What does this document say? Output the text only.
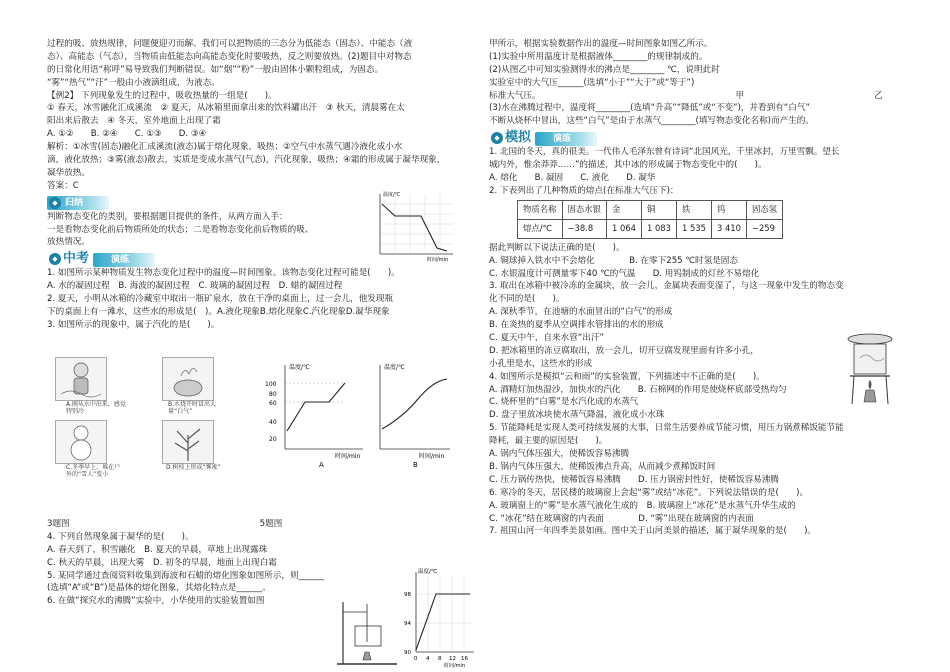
过程的吸、放热规律，问题便迎刃而解。我们可以把物质的三态分为低能态（固态）、中能态（液

态）、高能态（气态），当物质由低能态向高能态变化时要吸热，反之则要放热。(2)题目中对物态

的日常化用语“称呼”易导致我们判断错误。如“烟”“粉”一般由固体小颗粒组成，为固态。

“雾”“热气”“汗”一般由小液滴组成，为液态。

【例2】 下列现象发生的过程中，吸收热量的一组是(　　)。

① 春天，冰雪融化汇成溪流　② 夏天，从冰箱里面拿出来的饮料罐出汗　③ 秋天，清晨雾在太

阳出来后散去　④ 冬天，室外地面上出现了霜

A. ①②　　B. ②④　　C. ①③　　D. ③④

解析：①冰雪(固态)融化汇成溪流(液态)属于熔化现象，吸热；②空气中水蒸气遇冷液化成小水

滴，液化放热；③雾(液态)散去，实质是变成水蒸气(气态)，汽化现象，吸热；④霜的形成属于凝华现象，

凝华放热。

答案：C

◆ 归纳

判断物态变化的类别，要根据题目提供的条件，从两方面入手：

一是看物态变化前后物质所处的状态；二是看物态变化前后物质的吸、

放热情况。

◆ 中考 演练

1. 如图所示某种物质发生物态变化过程中的温度—时间图象。该物态变化过程可能是(　　)。

A. 水的凝固过程　B. 海波的凝固过程　C. 玻璃的凝固过程　D. 蜡的凝固过程

2. 夏天，小明从冰箱的冷藏室中取出一瓶矿泉水，放在干净的桌面上，过一会儿，他发现瓶

下的桌面上有一滩水，这些水的形成是(　)。A.液化现象B.熔化现象C.汽化现象D.凝华现象

3. 如图所示的现象中，属于汽化的是(　　)。

温度/℃
时间/min
A.刚从水中出来，感觉特别冷
B.水烧开时冒出大量“白气”
C.冬季早上，堆在户外的“雪人”变小
D.树枝上形成“雾凇”
100
80
60
40
20
温度/℃
时间/min
A
温度/℃
时间/min
B

3题图	5题图

4. 下列自然现象属于凝华的是(　　)。

A. 春天到了，积雪融化　B. 夏天的早晨，草地上出现露珠

C. 秋天的早晨，出现大雾　D. 初冬的早晨，地面上出现白霜

5. 某同学通过查阅资料收集到海波和石蜡的熔化图象如图所示，则______

(选填“A”或“B”)是晶体的熔化图象，其熔化特点是______。

6. 在做“探究水的沸腾”实验中，小华使用的实验装置如图

温度/℃
98
94
90
0 4 8 12 16
时间/min

甲所示，根据实验数据作出的温度—时间图象如图乙所示。

(1)实验中所用温度计是根据液体________的规律制成的。

(2)从图乙中可知实验测得水的沸点是________ ℃，说明此时

实验室中的大气压______(选填“小于”“大于”或“等于”)

标准大气压。	甲	乙

(3)水在沸腾过程中，温度将________(选填“升高”“降低”或“不变”)，并看到有“白气”

不断从烧杯中冒出，这些“白气”是由于水蒸气________(填写物态变化名称)而产生的。

◆ 模拟 演练

1. 北国的冬天，真的很美。一代伟人毛泽东曾有诗词“北国风光，千里冰封，万里雪飘。望长

城内外，惟余莽莽……”的描述，其中冰的形成属于物态变化中的(　　)。

A. 熔化　　B. 凝固　　C. 液化　　D. 凝华

2. 下表列出了几种物质的熔点(在标准大气压下)：

物质名称	固态水银	金	铜	铁	钨	固态氢
熔点/℃	−38.8	1 064	1 083	1 535	3 410	−259

据此判断以下说法正确的是(　　)。

A. 铜球掉入铁水中不会熔化　　　　B. 在零下255 ℃时氢是固态

C. 水银温度计可测量零下40 ℃的气温　　D. 用钨制成的灯丝不易熔化

3. 取出在冰箱中被冷冻的金属块，放一会儿，金属块表面变湿了，与这一现象中发生的物态变

化不同的是(　　)。

A. 深秋季节，在池塘的水面冒出的“白气”的形成

B. 在炎热的夏季从空调排水管排出的水的形成

C. 夏天中午，自来水管“出汗”

D. 把冰箱里的冻豆腐取出，放一会儿，切开豆腐发现里面有许多小孔，

小孔里是水，这些水的形成

4. 如图所示是模拟“云和雨”的实验装置，下列描述中不正确的是(　　)。

A. 酒精灯加热湿沙，加快水的汽化　　B. 石棉网的作用是使烧杯底部受热均匀

C. 烧杯里的“白雾”是水汽化成的水蒸气

D. 盘子里放冰块使水蒸气降温，液化成小水珠

5. 节能降耗是实现人类可持续发展的大事，日常生活要养成节能习惯，用压力锅煮稀饭能节能

降耗，最主要的原因是(　　)。

A. 锅内气体压强大，使稀饭容易沸腾

B. 锅内气体压强大，使稀饭沸点升高，从而减少煮稀饭时间

C. 压力锅传热快，使稀饭容易沸腾　　D. 压力锅密封性好，使稀饭容易沸腾

6. 寒冷的冬天，居民楼的玻璃窗上会起“雾”或结“冰花”。下列说法错误的是(　　)。

A. 玻璃窗上的“雾”是水蒸气液化生成的　B. 玻璃窗上“冰花”是水蒸气升华生成的

C. “冰花”结在玻璃窗的内表面　　　　D. “雾”出现在玻璃窗的内表面

7. 祖国山河一年四季美景如画。图中关于山河美景的描述，属于凝华现象的是(　　)。
